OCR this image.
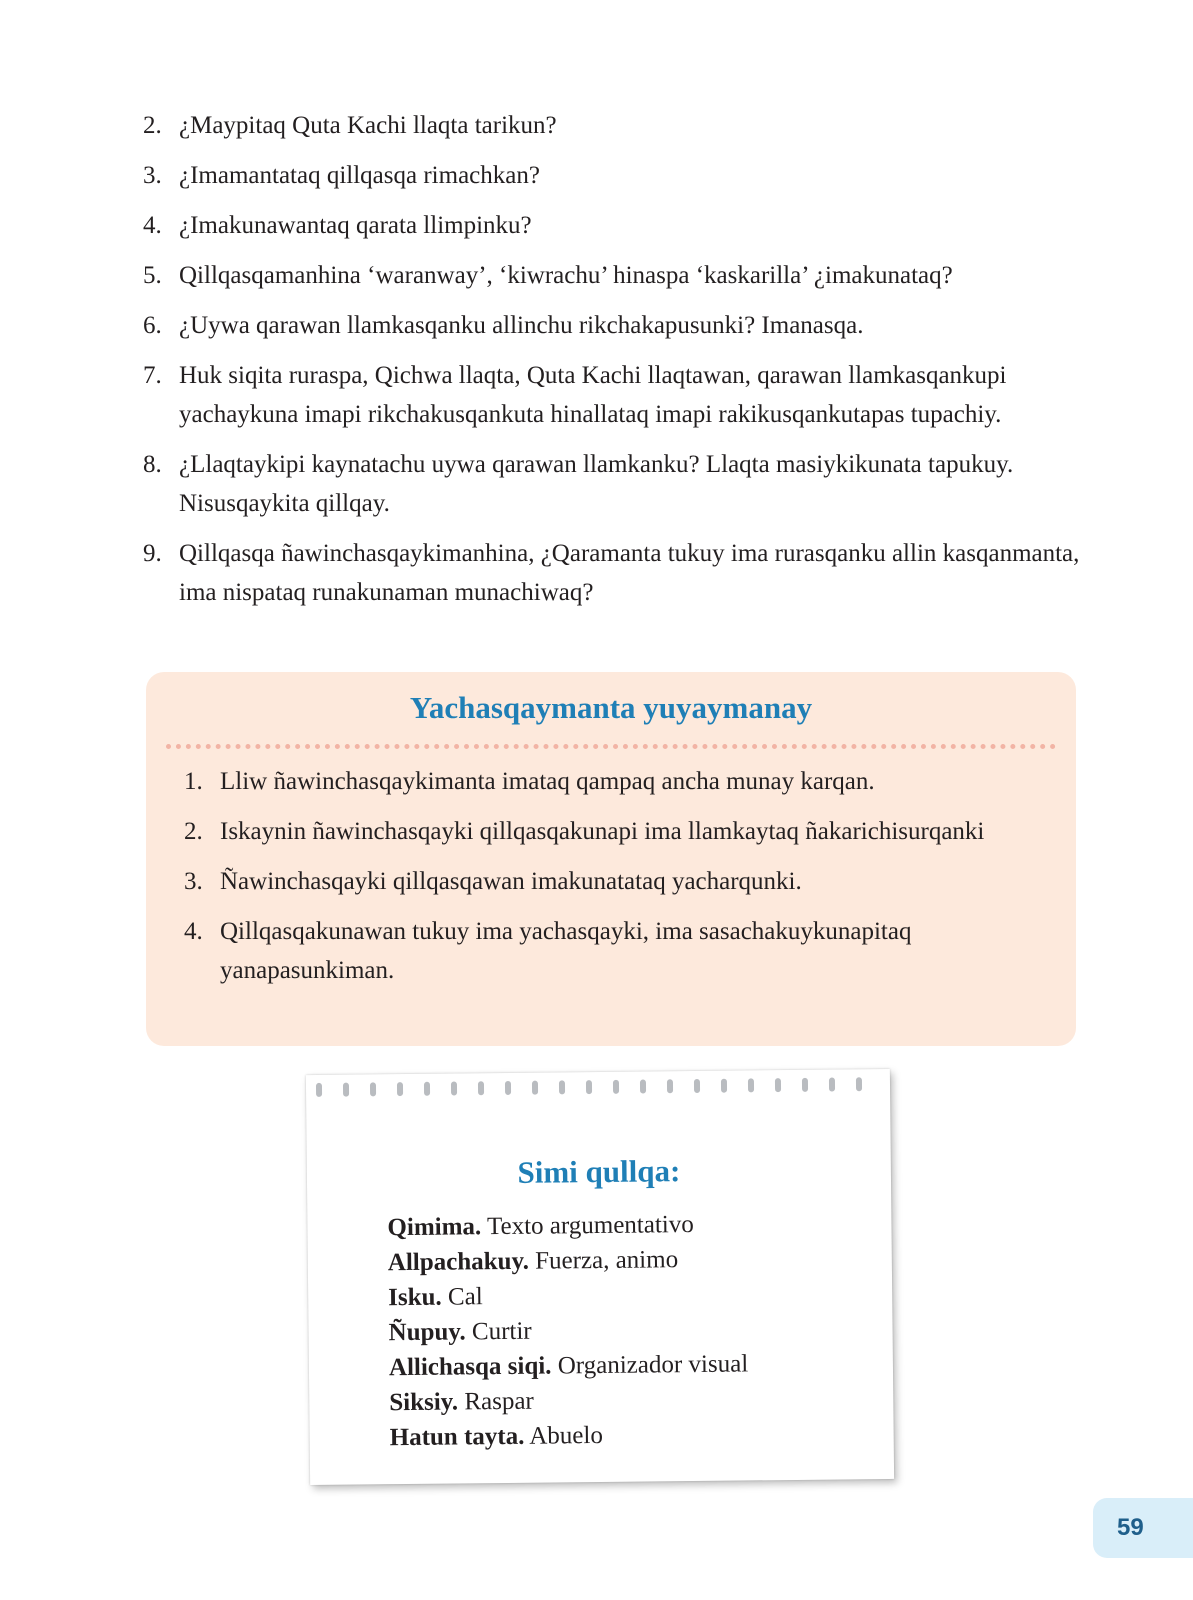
2. ¿Maypitaq Quta Kachi llaqta tarikun?
3. ¿Imamantataq qillqasqa rimachkan?
4. ¿Imakunawantaq qarata llimpinku?
5. Qillqasqamanhina ‘waranway’, ‘kiwrachu’ hinaspa ‘kaskarilla’ ¿imakunataq?
6. ¿Uywa qarawan llamkasqanku allinchu rikchakapusunki? Imanasqa.
7. Huk siqita ruraspa, Qichwa llaqta, Quta Kachi llaqtawan, qarawan llamkasqankupi yachaykuna imapi rikchakusqankuta hinallataq imapi rakikusqankutapas tupachiy.
8. ¿Llaqtaykipi kaynatachu uywa qarawan llamkanku? Llaqta masiykikunata tapukuy. Nisusqaykita qillqay.
9. Qillqasqa ñawinchasqaykimanhina, ¿Qaramanta tukuy ima rurasqanku allin kasqanmanta, ima nispataq runakunaman munachiwaq?
Yachasqaymanta yuyaymanay
1. Lliw ñawinchasqaykimanta imataq qampaq ancha munay karqan.
2. Iskaynin ñawinchasqayki qillqasqakunapi ima llamkaytaq ñakarichisurqanki
3. Ñawinchasqayki qillqasqawan imakunatataq yacharqunki.
4. Qillqasqakunawan tukuy ima yachasqayki, ima sasachakuykunapitaq yanapasunkiman.
Simi qullqa:
Qimima. Texto argumentativo
Allpachakuy. Fuerza, animo
Isku. Cal
Ñupuy. Curtir
Allichasqa siqi. Organizador visual
Siksiy. Raspar
Hatun tayta. Abuelo
59
